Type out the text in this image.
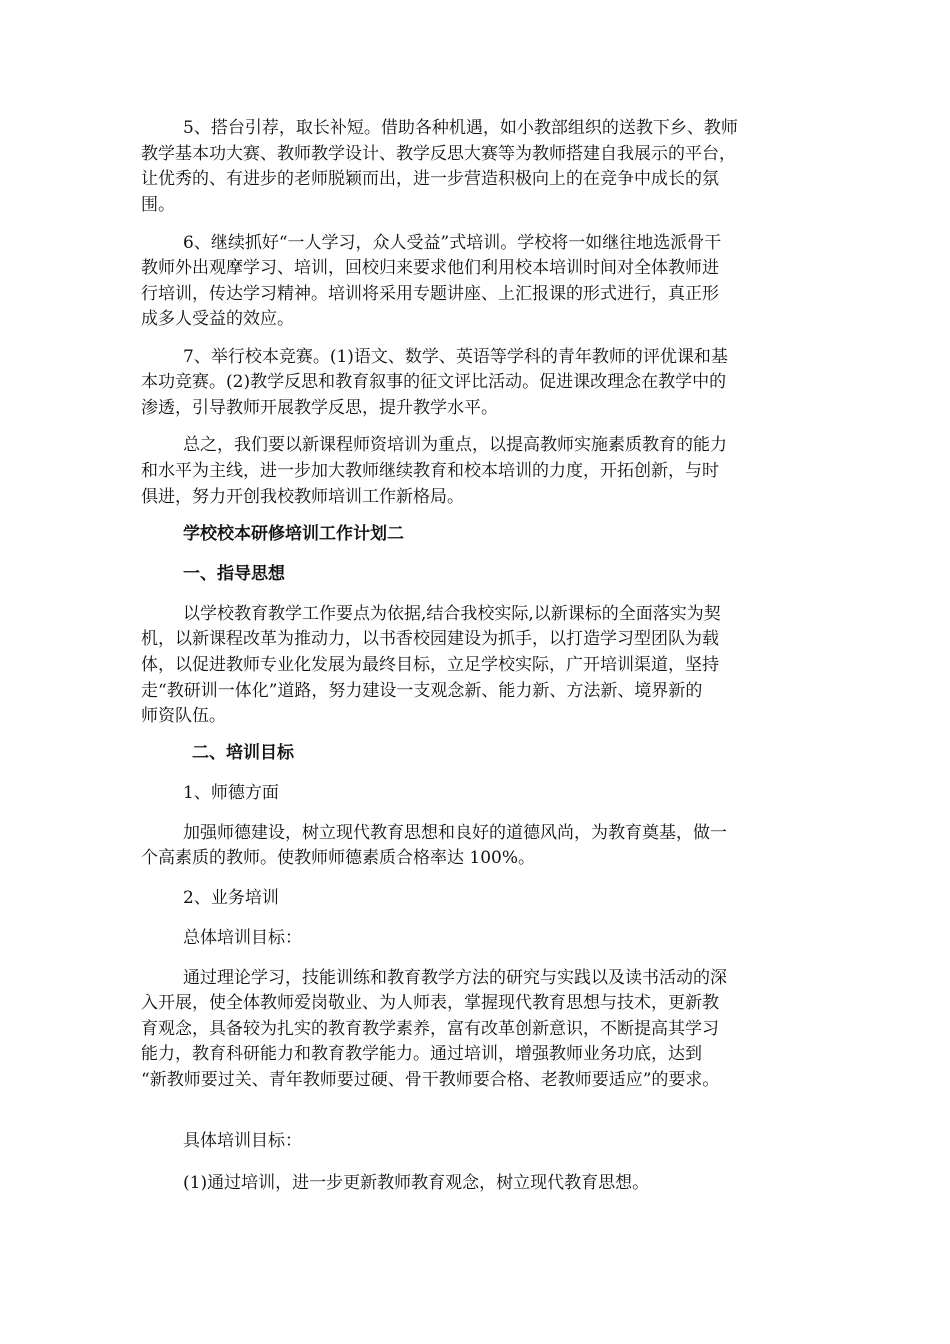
5、搭台引荐，取长补短。借助各种机遇，如小教部组织的送教下乡、教师
教学基本功大赛、教师教学设计、教学反思大赛等为教师搭建自我展示的平台，
让优秀的、有进步的老师脱颖而出，进一步营造积极向上的在竞争中成长的氛
围。
6、继续抓好“一人学习，众人受益”式培训。学校将一如继往地选派骨干
教师外出观摩学习、培训，回校归来要求他们利用校本培训时间对全体教师进
行培训，传达学习精神。培训将采用专题讲座、上汇报课的形式进行，真正形
成多人受益的效应。
7、举行校本竞赛。(1)语文、数学、英语等学科的青年教师的评优课和基
本功竞赛。(2)教学反思和教育叙事的征文评比活动。促进课改理念在教学中的
渗透，引导教师开展教学反思，提升教学水平。
总之，我们要以新课程师资培训为重点，以提高教师实施素质教育的能力
和水平为主线，进一步加大教师继续教育和校本培训的力度，开拓创新，与时
俱进，努力开创我校教师培训工作新格局。
学校校本研修培训工作计划二
一、指导思想
以学校教育教学工作要点为依据,结合我校实际,以新课标的全面落实为契
机，以新课程改革为推动力，以书香校园建设为抓手，以打造学习型团队为载
体，以促进教师专业化发展为最终目标，立足学校实际，广开培训渠道，坚持
走“教研训一体化”道路，努力建设一支观念新、能力新、方法新、境界新的
师资队伍。
二、培训目标
1、师德方面
加强师德建设，树立现代教育思想和良好的道德风尚，为教育奠基，做一
个高素质的教师。使教师师德素质合格率达 100%。
2、业务培训
总体培训目标：
通过理论学习，技能训练和教育教学方法的研究与实践以及读书活动的深
入开展，使全体教师爱岗敬业、为人师表，掌握现代教育思想与技术，更新教
育观念，具备较为扎实的教育教学素养，富有改革创新意识，不断提高其学习
能力，教育科研能力和教育教学能力。通过培训，增强教师业务功底，达到
“新教师要过关、青年教师要过硬、骨干教师要合格、老教师要适应”的要求。
具体培训目标：
(1)通过培训，进一步更新教师教育观念，树立现代教育思想。
